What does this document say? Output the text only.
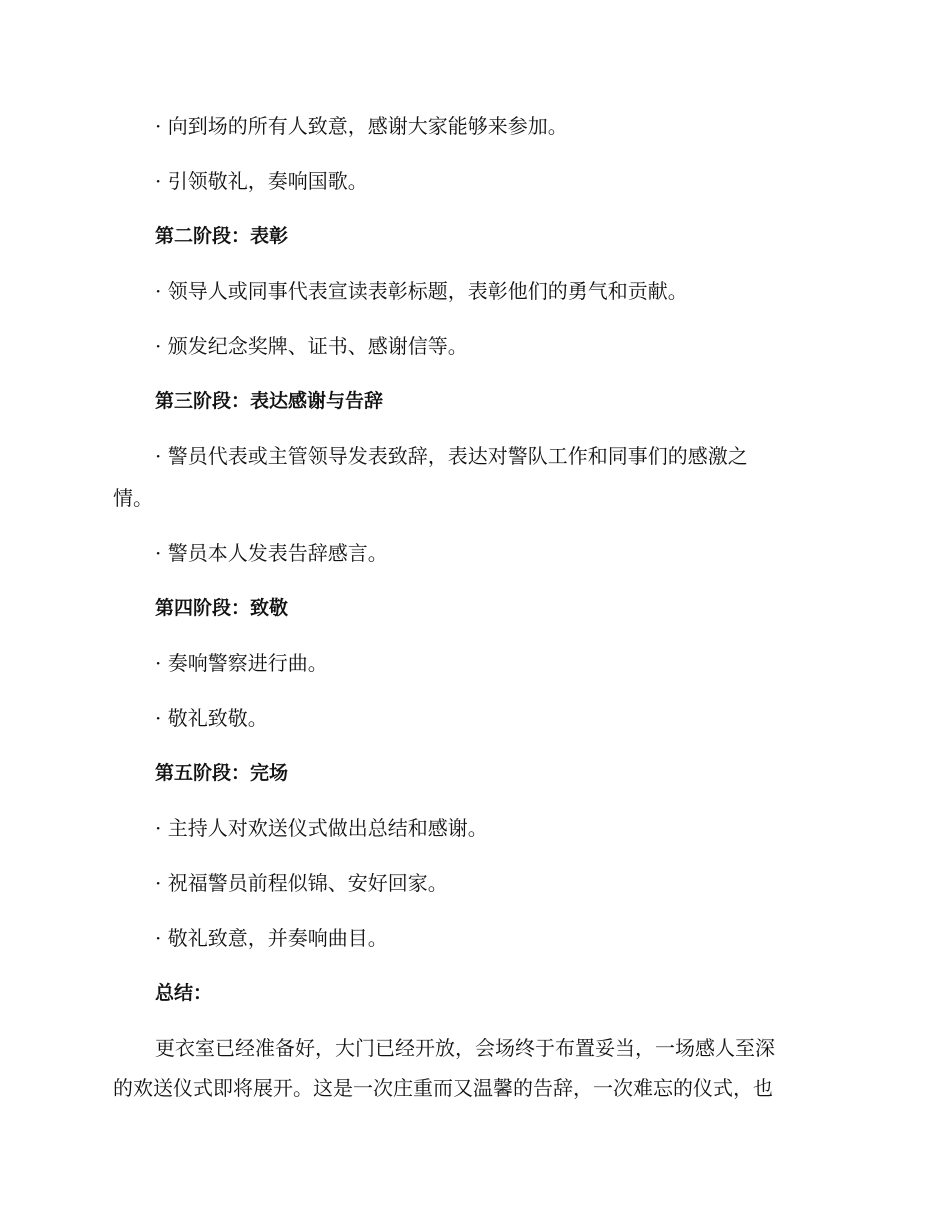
· 向到场的所有人致意，感谢大家能够来参加。
· 引领敬礼，奏响国歌。
第二阶段：表彰
· 领导人或同事代表宣读表彰标题，表彰他们的勇气和贡献。
· 颁发纪念奖牌、证书、感谢信等。
第三阶段：表达感谢与告辞
· 警员代表或主管领导发表致辞，表达对警队工作和同事们的感激之
情。
· 警员本人发表告辞感言。
第四阶段：致敬
· 奏响警察进行曲。
· 敬礼致敬。
第五阶段：完场
· 主持人对欢送仪式做出总结和感谢。
· 祝福警员前程似锦、安好回家。
· 敬礼致意，并奏响曲目。
总结：
更衣室已经准备好，大门已经开放，会场终于布置妥当，一场感人至深
的欢送仪式即将展开。这是一次庄重而又温馨的告辞，一次难忘的仪式，也
